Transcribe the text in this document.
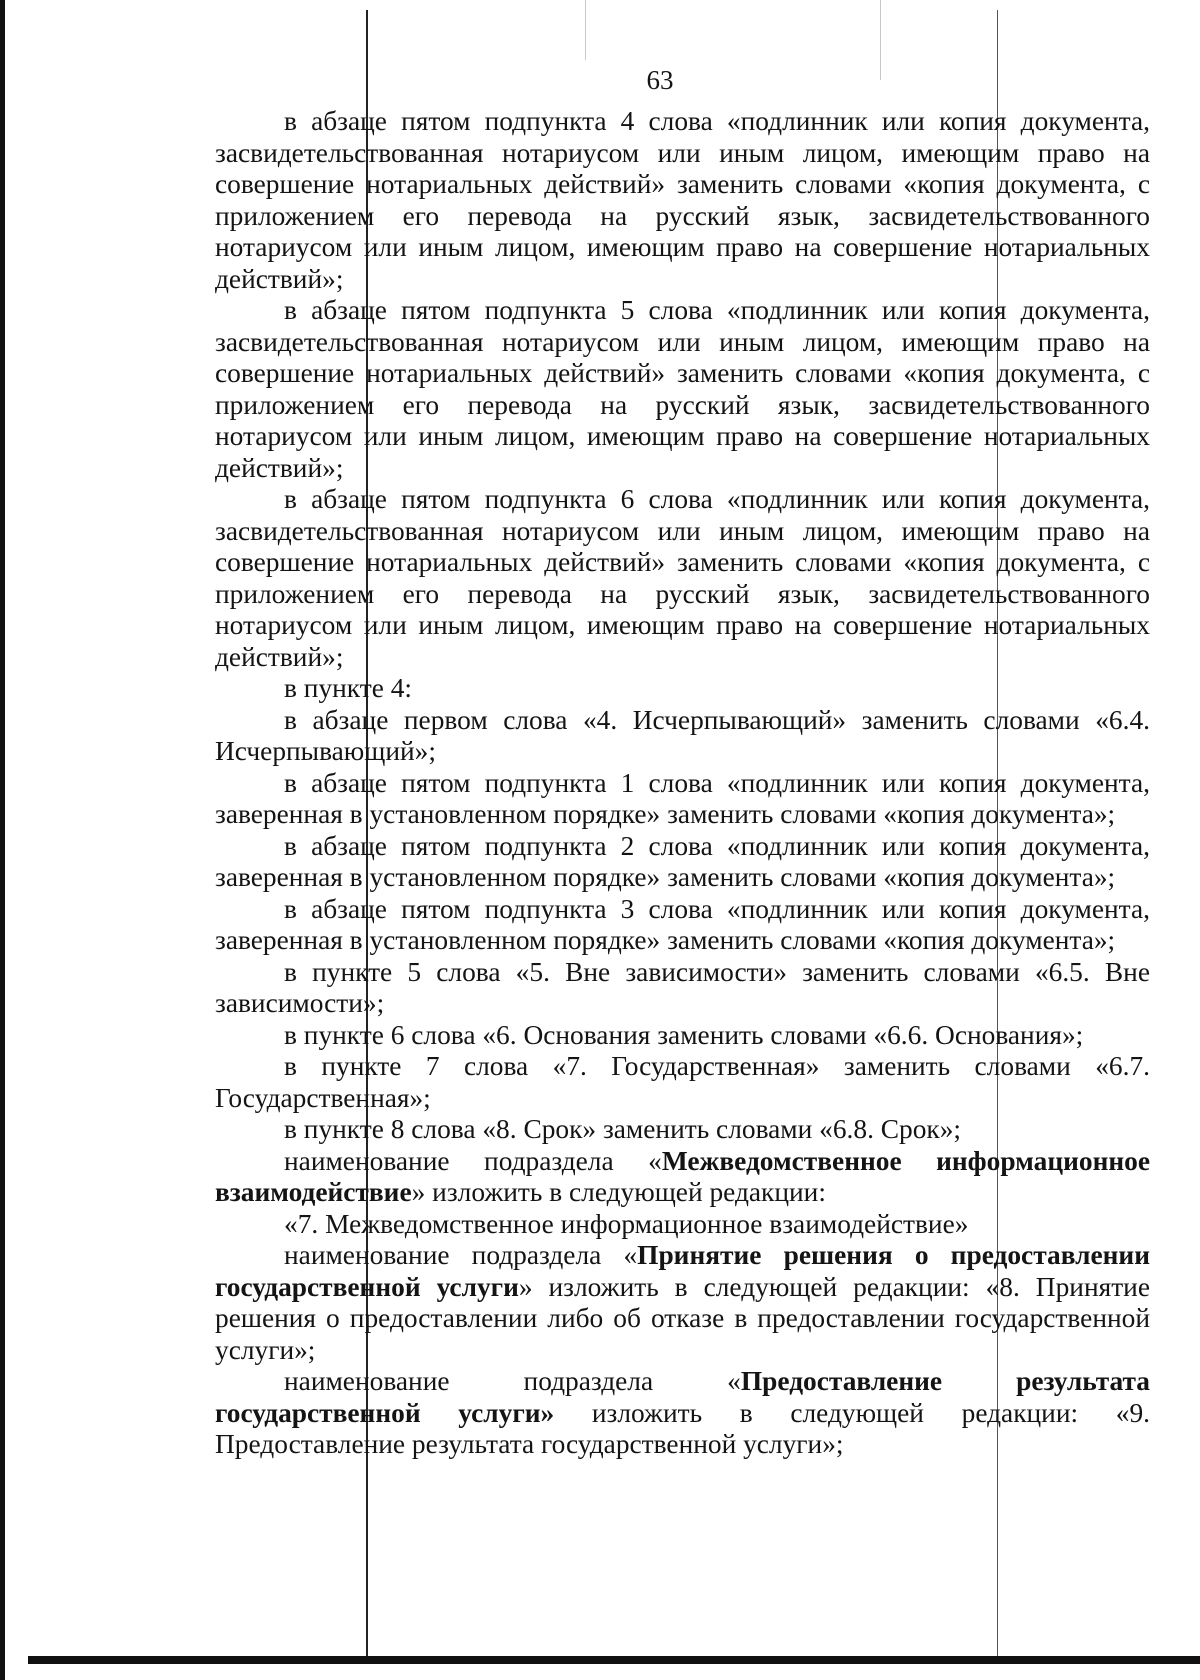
63

в абзаце пятом подпункта 4 слова «подлинник или копия документа, засвидетельствованная нотариусом или иным лицом, имеющим право на совершение нотариальных действий» заменить словами «копия документа, с приложением его перевода на русский язык, засвидетельствованного нотариусом или иным лицом, имеющим право на совершение нотариальных действий»;

в абзаце пятом подпункта 5 слова «подлинник или копия документа, засвидетельствованная нотариусом или иным лицом, имеющим право на совершение нотариальных действий» заменить словами «копия документа, с приложением его перевода на русский язык, засвидетельствованного нотариусом или иным лицом, имеющим право на совершение нотариальных действий»;

в абзаце пятом подпункта 6 слова «подлинник или копия документа, засвидетельствованная нотариусом или иным лицом, имеющим право на совершение нотариальных действий» заменить словами «копия документа, с приложением его перевода на русский язык, засвидетельствованного нотариусом или иным лицом, имеющим право на совершение нотариальных действий»;

в пункте 4:

в абзаце первом слова «4. Исчерпывающий» заменить словами «6.4. Исчерпывающий»;

в абзаце пятом подпункта 1 слова «подлинник или копия документа, заверенная в установленном порядке» заменить словами «копия документа»;

в абзаце пятом подпункта 2 слова «подлинник или копия документа, заверенная в установленном порядке» заменить словами «копия документа»;

в абзаце пятом подпункта 3 слова «подлинник или копия документа, заверенная в установленном порядке» заменить словами «копия документа»;

в пункте 5 слова «5. Вне зависимости» заменить словами «6.5. Вне зависимости»;

в пункте 6 слова «6. Основания заменить словами «6.6. Основания»;

в пункте 7 слова «7. Государственная» заменить словами «6.7. Государственная»;

в пункте 8 слова «8. Срок» заменить словами «6.8. Срок»;

наименование подраздела «Межведомственное информационное взаимодействие» изложить в следующей редакции:

«7. Межведомственное информационное взаимодействие»

наименование подраздела «Принятие решения о предоставлении государственной услуги» изложить в следующей редакции: «8. Принятие решения о предоставлении либо об отказе в предоставлении государственной услуги»;

наименование подраздела «Предоставление результата государственной услуги» изложить в следующей редакции: «9. Предоставление результата государственной услуги»;
